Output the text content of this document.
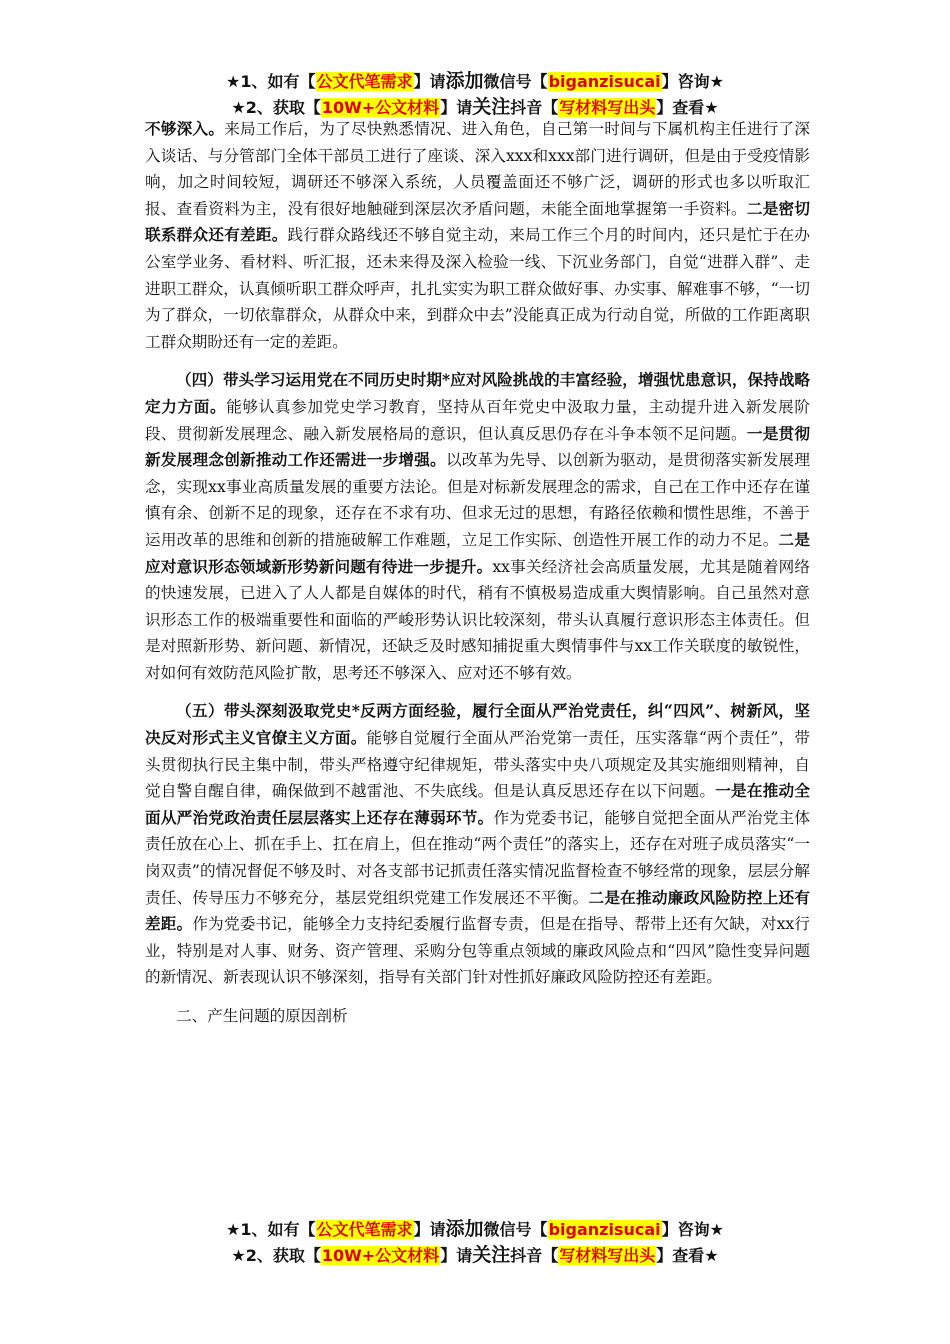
★1、如有【公文代笔需求】请添加微信号【biganzisucai】咨询★
★2、获取【10W+公文材料】请关注抖音【写材料写出头】查看★

不够深入。来局工作后，为了尽快熟悉情况、进入角色，自己第一时间与下属机构主任进行了深入谈话、与分管部门全体干部员工进行了座谈、深入xxx和xxx部门进行调研，但是由于受疫情影响，加之时间较短，调研还不够深入系统，人员覆盖面还不够广泛，调研的形式也多以听取汇报、查看资料为主，没有很好地触碰到深层次矛盾问题，未能全面地掌握第一手资料。二是密切联系群众还有差距。践行群众路线还不够自觉主动，来局工作三个月的时间内，还只是忙于在办公室学业务、看材料、听汇报，还未来得及深入检验一线、下沉业务部门，自觉“进群入群”、走进职工群众，认真倾听职工群众呼声，扎扎实实为职工群众做好事、办实事、解难事不够，“一切为了群众，一切依靠群众，从群众中来，到群众中去”没能真正成为行动自觉，所做的工作距离职工群众期盼还有一定的差距。

（四）带头学习运用党在不同历史时期*应对风险挑战的丰富经验，增强忧患意识，保持战略定力方面。能够认真参加党史学习教育，坚持从百年党史中汲取力量，主动提升进入新发展阶段、贯彻新发展理念、融入新发展格局的意识，但认真反思仍存在斗争本领不足问题。一是贯彻新发展理念创新推动工作还需进一步增强。以改革为先导、以创新为驱动，是贯彻落实新发展理念，实现xx事业高质量发展的重要方法论。但是对标新发展理念的需求，自己在工作中还存在谨慎有余、创新不足的现象，还存在不求有功、但求无过的思想，有路径依赖和惯性思维，不善于运用改革的思维和创新的措施破解工作难题，立足工作实际、创造性开展工作的动力不足。二是应对意识形态领域新形势新问题有待进一步提升。xx事关经济社会高质量发展，尤其是随着网络的快速发展，已进入了人人都是自媒体的时代，稍有不慎极易造成重大舆情影响。自己虽然对意识形态工作的极端重要性和面临的严峻形势认识比较深刻，带头认真履行意识形态主体责任。但是对照新形势、新问题、新情况，还缺乏及时感知捕捉重大舆情事件与xx工作关联度的敏锐性，对如何有效防范风险扩散，思考还不够深入、应对还不够有效。

（五）带头深刻汲取党史*反两方面经验，履行全面从严治党责任，纠“四风”、树新风，坚决反对形式主义官僚主义方面。能够自觉履行全面从严治党第一责任，压实落靠“两个责任”，带头贯彻执行民主集中制，带头严格遵守纪律规矩，带头落实中央八项规定及其实施细则精神，自觉自警自醒自律，确保做到不越雷池、不失底线。但是认真反思还存在以下问题。一是在推动全面从严治党政治责任层层落实上还存在薄弱环节。作为党委书记，能够自觉把全面从严治党主体责任放在心上、抓在手上、扛在肩上，但在推动“两个责任”的落实上，还存在对班子成员落实“一岗双责”的情况督促不够及时、对各支部书记抓责任落实情况监督检查不够经常的现象，层层分解责任、传导压力不够充分，基层党组织党建工作发展还不平衡。二是在推动廉政风险防控上还有差距。作为党委书记，能够全力支持纪委履行监督专责，但是在指导、帮带上还有欠缺，对xx行业，特别是对人事、财务、资产管理、采购分包等重点领域的廉政风险点和“四风”隐性变异问题的新情况、新表现认识不够深刻，指导有关部门针对性抓好廉政风险防控还有差距。

二、产生问题的原因剖析

★1、如有【公文代笔需求】请添加微信号【biganzisucai】咨询★
★2、获取【10W+公文材料】请关注抖音【写材料写出头】查看★
